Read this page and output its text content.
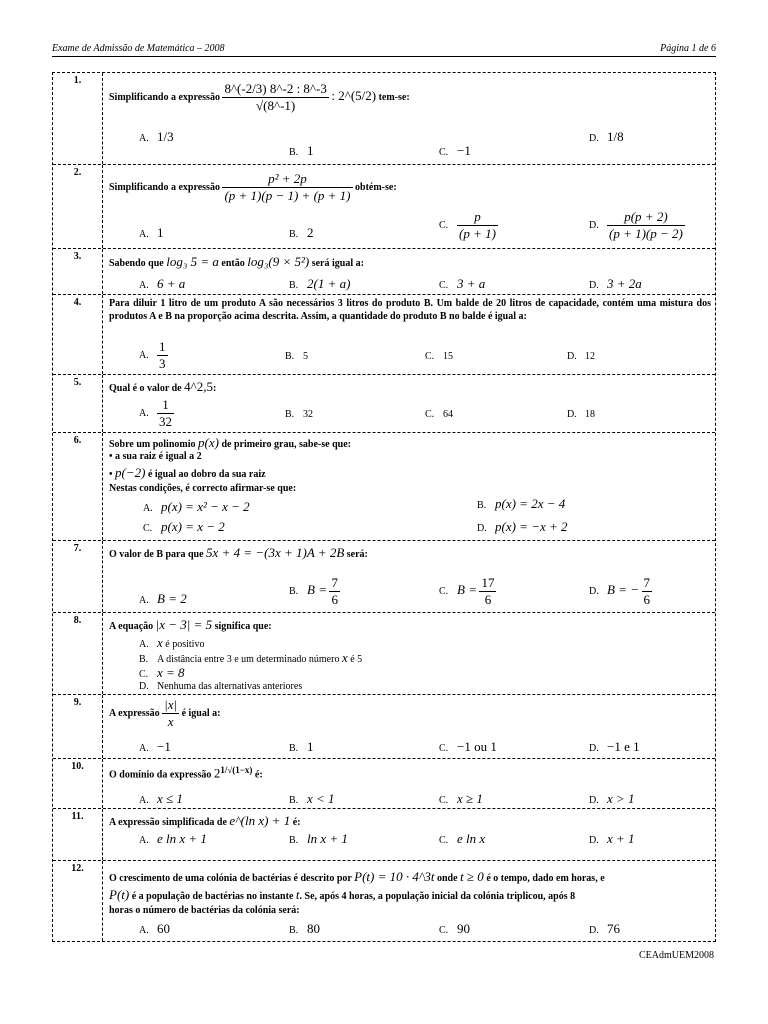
Exame de Admissão de Matemática – 2008	Página 1 de 6
1.
Simplificando a expressão $\frac{8\^{}(-2/3) 8\^{}-2 : 8\^{}-3}{√(8\^{}-1)}$ : 2^(5/2) tem-se:
A. 1/3
B. 1	C. −1
D. 1/8
2.
Simplificando a expressão $\frac{\text{p² + 2p}}{(p + 1)(p - 1) + (p + 1)}$ obtém-se:
A. 1	B. 2	C. $\frac{p}{(p + 1)}$	D. $\frac{p(p + 2)}{(p + 1)(p - 2)}$
3.
Sabendo que log₃ 5 = a então log₃(9 × 5²) será igual a:
A. 6 + a	B. 2(1 + a)	C. 3 + a	D. 3 + 2a
4.	Para diluir 1 litro de um produto A são necessários 3 litros do produto B. Um balde de 20 litros de capacidade, contém uma mistura dos produtos A e B na proporção acima descrita. Assim, a quantidade do produto B no balde é igual a:
A. $\frac{1}{3}$	B. 5	C. 15	D. 12
5.
Qual é o valor de 4^2,5:
A. $\frac{1}{32}$	B. 32	C. 64	D. 18
6.	Sobre um polinomio p(x) de primeiro grau, sabe-se que:
• a sua raiz é igual a 2
• p(−2) é igual ao dobro da sua raiz
Nestas condições, é correcto afirmar-se que:
A. p(x) = x² − x − 2	B. p(x) = 2x − 4
C. p(x) = x − 2	D. p(x) = −x + 2
7.
O valor de B para que 5x + 4 = −(3x + 1)A + 2B será:
A. B = 2	B. $B = \frac{7}{6}$	C. $B = \frac{17}{6}$	D. B = − $\frac{7}{6}$
8.
A equação |x − 3| = 5 significa que:
A. x é positivo
B. A distância entre 3 e um determinado número x é 5
C. x = 8
D. Nenhuma das alternativas anteriores
9.
A expressão $\frac{|x|}{x}$ é igual a:
A. −1	B. 1	C. −1 ou 1	D. −1 e 1
10.
O domínio da expressão $2^{1/√(1-x)}$ é:
A. x ≤ 1	B. x < 1	C. x ≥ 1	D. x > 1
11.
A expressão simplificada de e^(ln x) + 1 é:
A. e ln x + 1	B. ln x + 1	C. e ln x	D. x + 1
12.
O crescimento de uma colónia de bactérias é descrito por P(t) = 10 · 4^3t onde t ≥ 0 é o tempo, dado em horas, e
P(t) é a população de bactérias no instante t. Se, após 4 horas, a população inicial da colónia triplicou, após 8
horas o número de bactérias da colónia será:
A. 60	B. 80	C. 90	D. 76
CEAdmUEM2008
